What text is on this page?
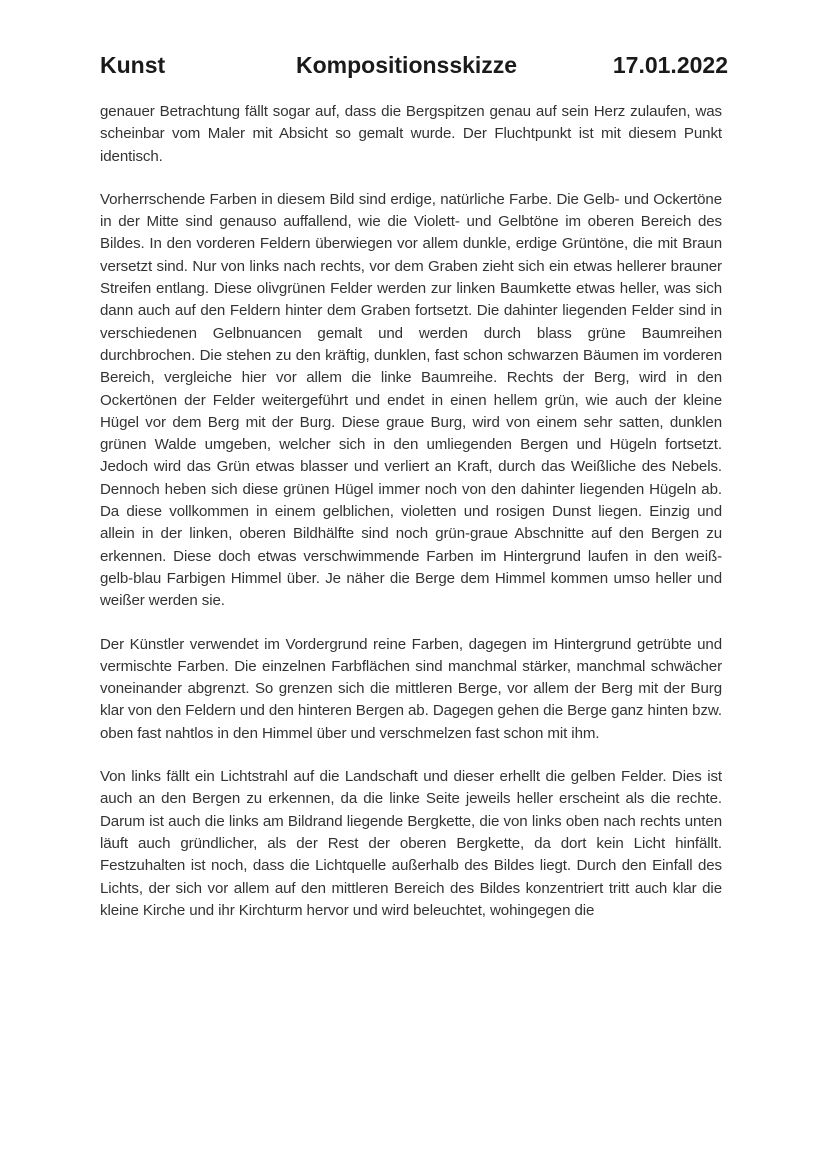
Kunst	Kompositionsskizze	17.01.2022

genauer Betrachtung fällt sogar auf, dass die Bergspitzen genau auf sein Herz zulaufen, was scheinbar vom Maler mit Absicht so gemalt wurde. Der Fluchtpunkt ist mit diesem Punkt identisch.

Vorherrschende Farben in diesem Bild sind erdige, natürliche Farbe. Die Gelb- und Ockertöne in der Mitte sind genauso auffallend, wie die Violett- und Gelbtöne im oberen Bereich des Bildes. In den vorderen Feldern überwiegen vor allem dunkle, erdige Grüntöne, die mit Braun versetzt sind. Nur von links nach rechts, vor dem Graben zieht sich ein etwas hellerer brauner Streifen entlang. Diese olivgrünen Felder werden zur linken Baumkette etwas heller, was sich dann auch auf den Feldern hinter dem Graben fortsetzt. Die dahinter liegenden Felder sind in verschiedenen Gelbnuancen gemalt und werden durch blass grüne Baumreihen durchbrochen. Die stehen zu den kräftig, dunklen, fast schon schwarzen Bäumen im vorderen Bereich, vergleiche hier vor allem die linke Baumreihe. Rechts der Berg, wird in den Ockertönen der Felder weitergeführt und endet in einen hellem grün, wie auch der kleine Hügel vor dem Berg mit der Burg. Diese graue Burg, wird von einem sehr satten, dunklen grünen Walde umgeben, welcher sich in den umliegenden Bergen und Hügeln fortsetzt. Jedoch wird das Grün etwas blasser und verliert an Kraft, durch das Weißliche des Nebels. Dennoch heben sich diese grünen Hügel immer noch von den dahinter liegenden Hügeln ab. Da diese vollkommen in einem gelblichen, violetten und rosigen Dunst liegen. Einzig und allein in der linken, oberen Bildhälfte sind noch grün-graue Abschnitte auf den Bergen zu erkennen. Diese doch etwas verschwimmende Farben im Hintergrund laufen in den weiß-gelb-blau Farbigen Himmel über. Je näher die Berge dem Himmel kommen umso heller und weißer werden sie.

Der Künstler verwendet im Vordergrund reine Farben, dagegen im Hintergrund getrübte und vermischte Farben. Die einzelnen Farbflächen sind manchmal stärker, manchmal schwächer voneinander abgrenzt. So grenzen sich die mittleren Berge, vor allem der Berg mit der Burg klar von den Feldern und den hinteren Bergen ab. Dagegen gehen die Berge ganz hinten bzw. oben fast nahtlos in den Himmel über und verschmelzen fast schon mit ihm.

Von links fällt ein Lichtstrahl auf die Landschaft und dieser erhellt die gelben Felder. Dies ist auch an den Bergen zu erkennen, da die linke Seite jeweils heller erscheint als die rechte. Darum ist auch die links am Bildrand liegende Bergkette, die von links oben nach rechts unten läuft auch gründlicher, als der Rest der oberen Bergkette, da dort kein Licht hinfällt. Festzuhalten ist noch, dass die Lichtquelle außerhalb des Bildes liegt. Durch den Einfall des Lichts, der sich vor allem auf den mittleren Bereich des Bildes konzentriert tritt auch klar die kleine Kirche und ihr Kirchturm hervor und wird beleuchtet, wohingegen die
